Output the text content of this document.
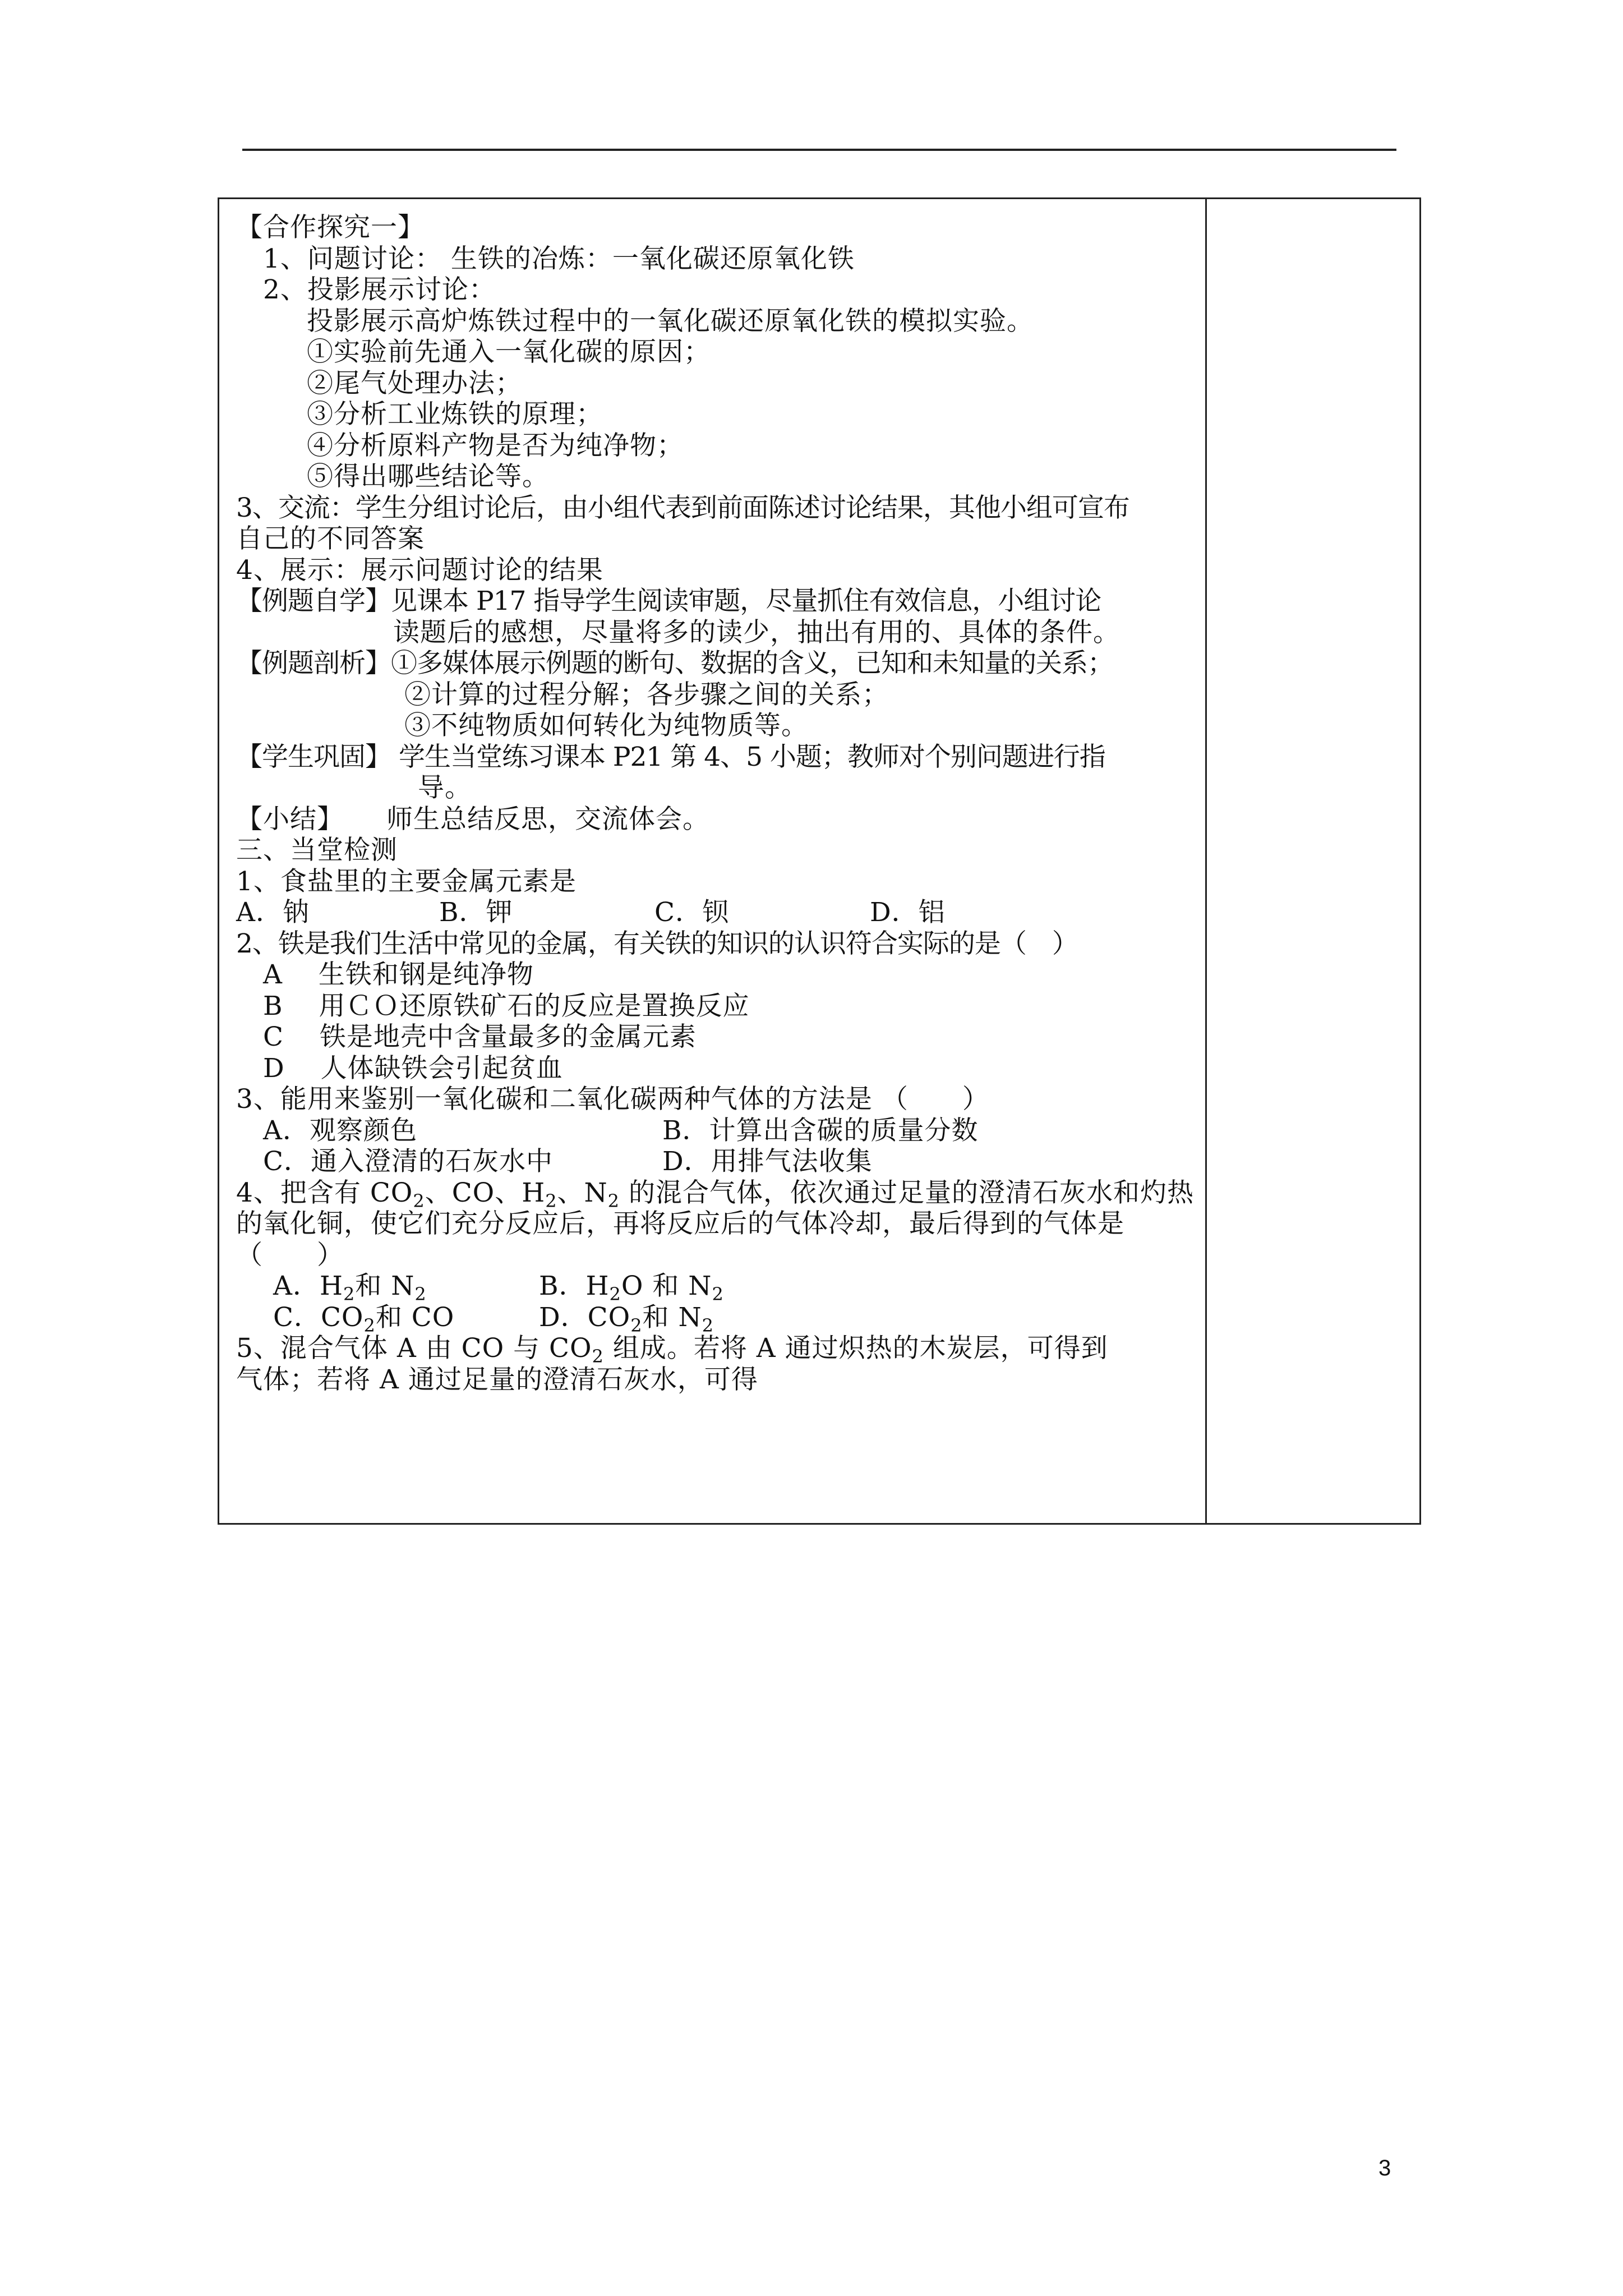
【合作探究一】
1、问题讨论： 生铁的冶炼：一氧化碳还原氧化铁
2、投影展示讨论：
投影展示高炉炼铁过程中的一氧化碳还原氧化铁的模拟实验。
①实验前先通入一氧化碳的原因；
②尾气处理办法；
③分析工业炼铁的原理；
④分析原料产物是否为纯净物；
⑤得出哪些结论等。
3、交流：学生分组讨论后，由小组代表到前面陈述讨论结果，其他小组可宣布
自己的不同答案
4、展示：展示问题讨论的结果
【例题自学】见课本 P17 指导学生阅读审题，尽量抓住有效信息，小组讨论
读题后的感想，尽量将多的读少，抽出有用的、具体的条件。
【例题剖析】①多媒体展示例题的断句、数据的含义，已知和未知量的关系；
②计算的过程分解；各步骤之间的关系；
③不纯物质如何转化为纯物质等。
【学生巩固】 学生当堂练习课本 P21 第 4、5 小题；教师对个别问题进行指
导。
【小结】 师生总结反思，交流体会。
三、当堂检测
1、食盐里的主要金属元素是
A．钠	B．钾	C．钡	D．铝
2、铁是我们生活中常见的金属，有关铁的知识的认识符合实际的是（　）
A　 生铁和钢是纯净物
B　 用ＣＯ还原铁矿石的反应是置换反应
C　 铁是地壳中含量最多的金属元素
D　 人体缺铁会引起贫血
3、能用来鉴别一氧化碳和二氧化碳两种气体的方法是 （　　）
A．观察颜色	B．计算出含碳的质量分数
C．通入澄清的石灰水中	D．用排气法收集
4、把含有 $CO_2$、CO、$H_2$、$N_2$ 的混合气体，依次通过足量的澄清石灰水和灼热
的氧化铜，使它们充分反应后，再将反应后的气体冷却，最后得到的气体是
（　　）
A．$H_2$和 $N_2$	B．$H_2O$ 和 $N_2$
C．$CO_2$和 CO	D．$CO_2$和 $N_2$
5、混合气体 A 由 CO 与 $CO_2$ 组成。若将 A 通过炽热的木炭层，可得到
气体；若将 A 通过足量的澄清石灰水，可得
3
